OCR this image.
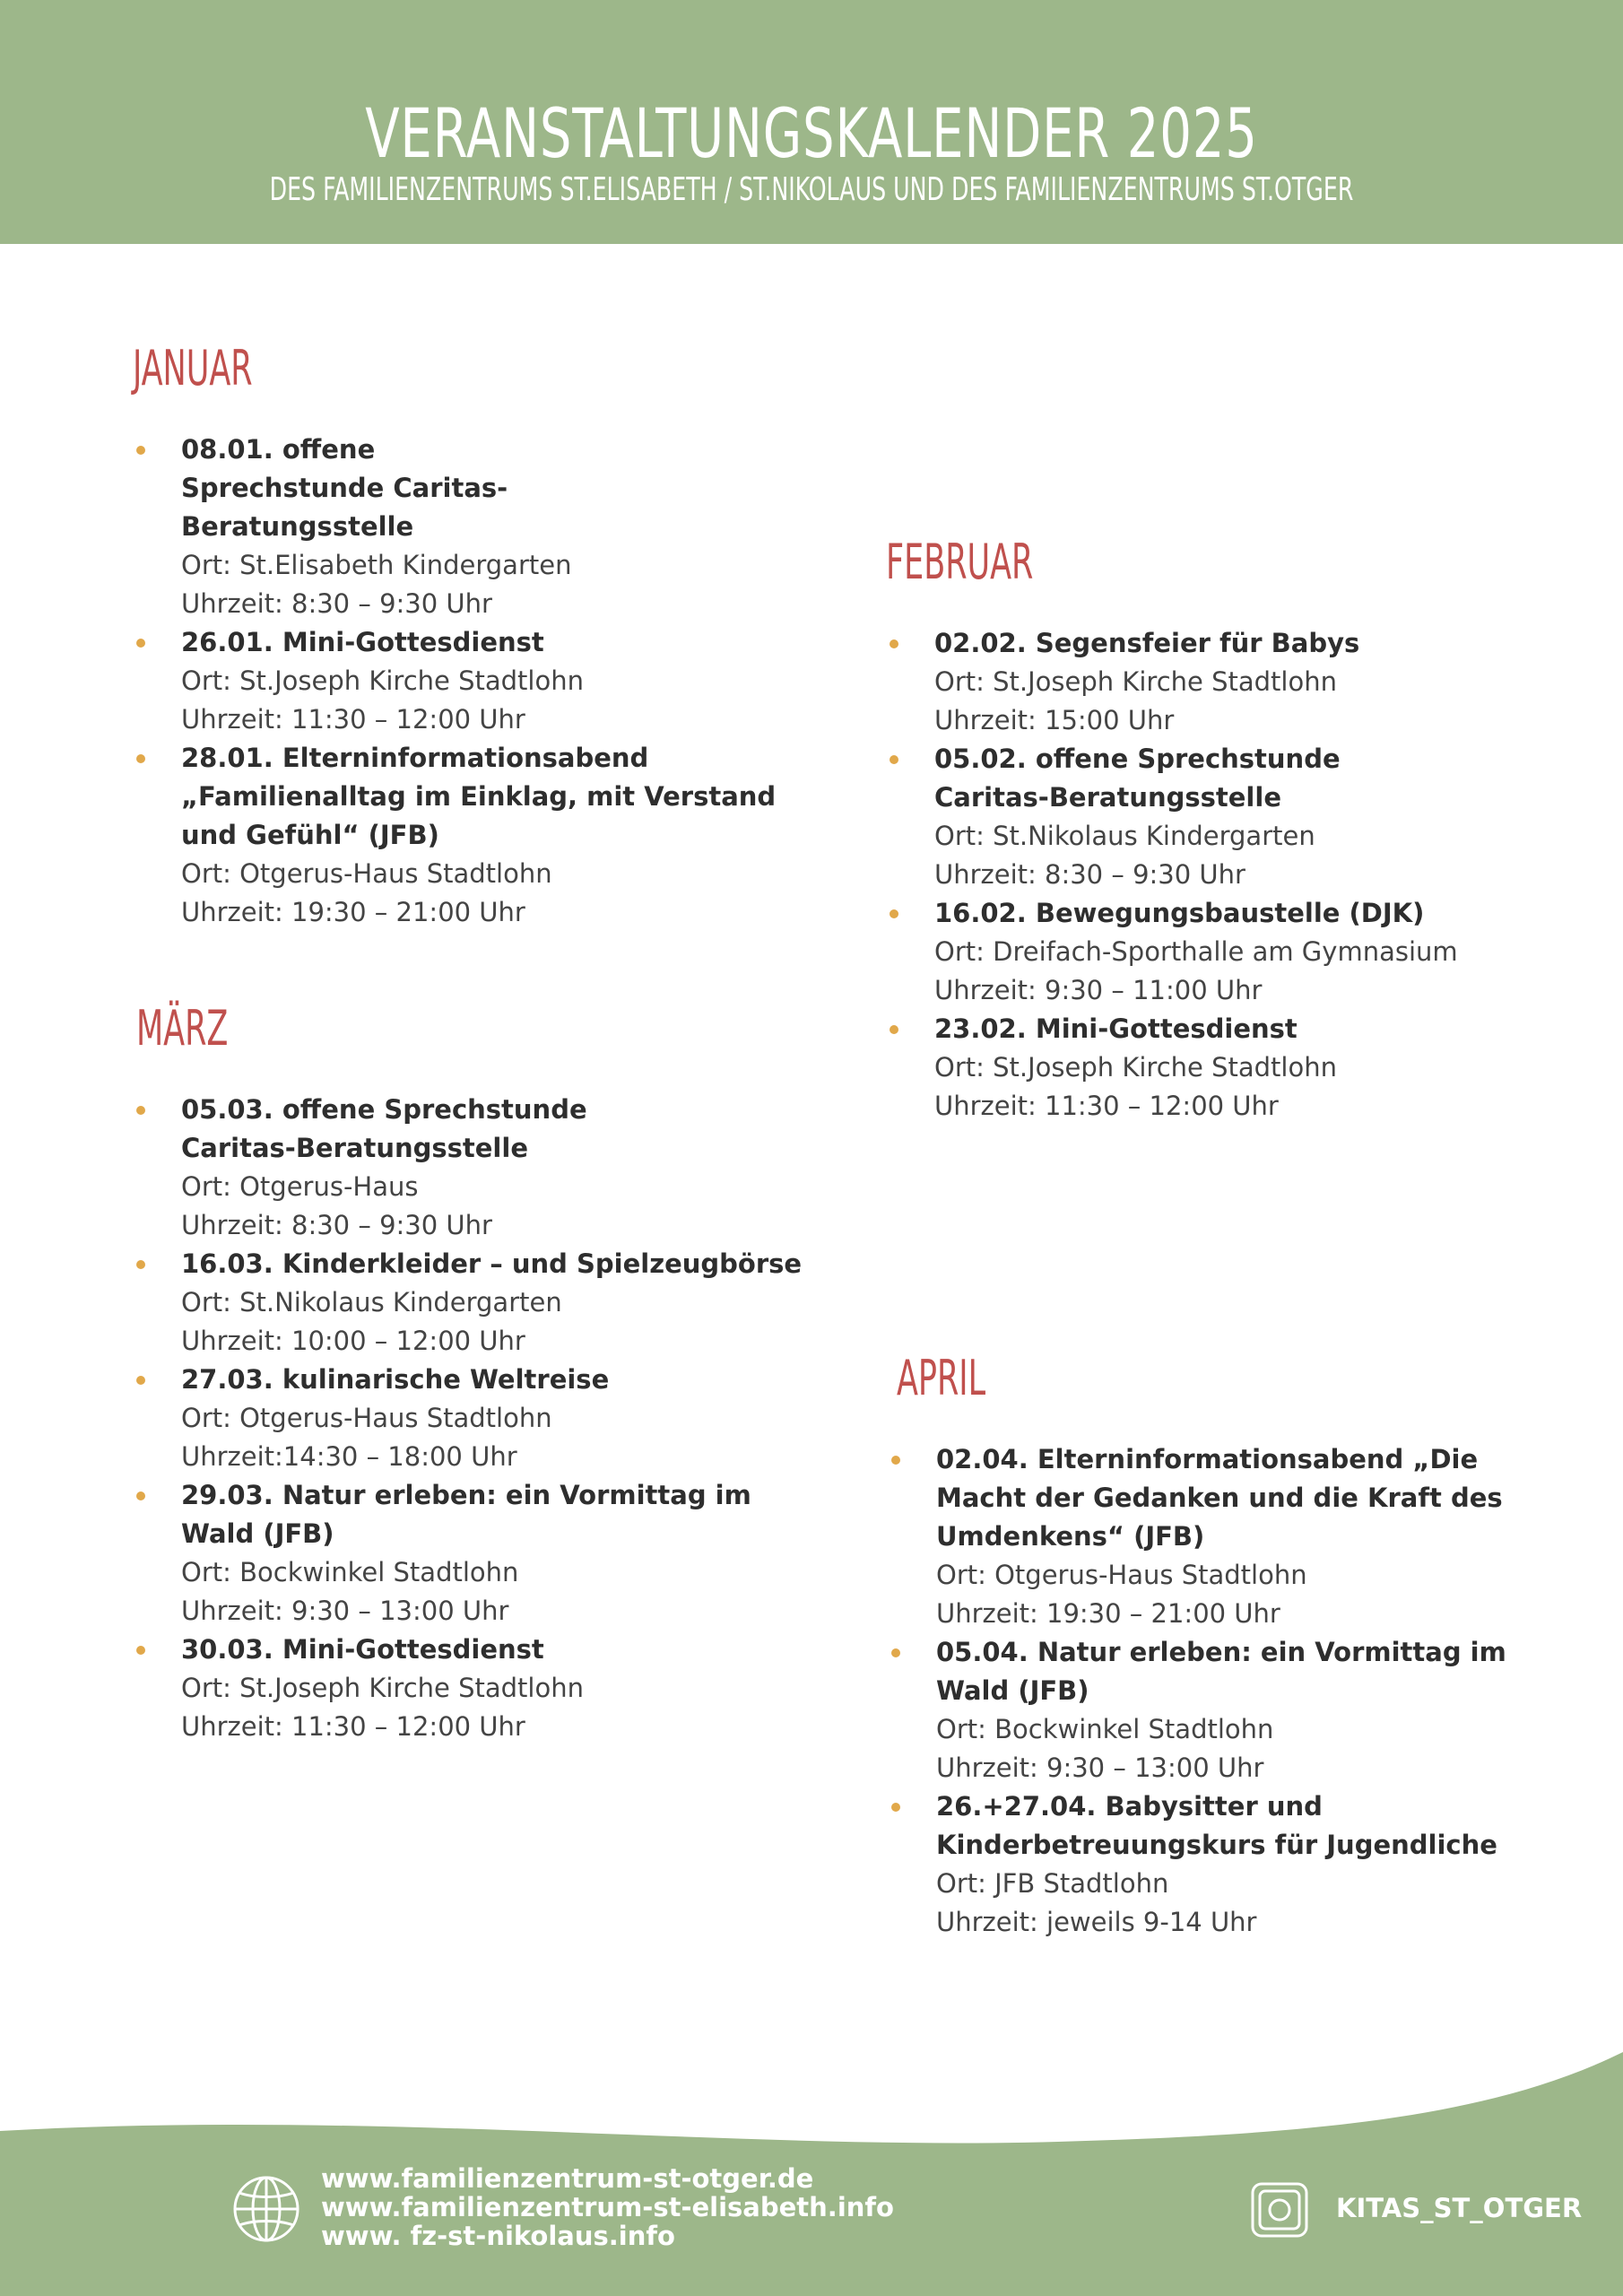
VERANSTALTUNGSKALENDER 2025
DES FAMILIENZENTRUMS ST.ELISABETH / ST.NIKOLAUS UND DES FAMILIENZENTRUMS ST.OTGER
JANUAR
08.01. offene Sprechstunde Caritas-Beratungsstelle
Ort: St.Elisabeth Kindergarten
Uhrzeit: 8:30 – 9:30 Uhr
26.01. Mini-Gottesdienst
Ort: St.Joseph Kirche Stadtlohn
Uhrzeit: 11:30 – 12:00 Uhr
28.01. Elterninformationsabend „Familienalltag im Einklag, mit Verstand und Gefühl“ (JFB)
Ort: Otgerus-Haus Stadtlohn
Uhrzeit: 19:30 – 21:00 Uhr
FEBRUAR
02.02. Segensfeier für Babys
Ort: St.Joseph Kirche Stadtlohn
Uhrzeit: 15:00 Uhr
05.02. offene Sprechstunde Caritas-Beratungsstelle
Ort: St.Nikolaus Kindergarten
Uhrzeit: 8:30 – 9:30 Uhr
16.02. Bewegungsbaustelle (DJK)
Ort: Dreifach-Sporthalle am Gymnasium
Uhrzeit: 9:30 – 11:00 Uhr
23.02. Mini-Gottesdienst
Ort: St.Joseph Kirche Stadtlohn
Uhrzeit: 11:30 – 12:00 Uhr
MÄRZ
05.03. offene Sprechstunde Caritas-Beratungsstelle
Ort: Otgerus-Haus
Uhrzeit: 8:30 – 9:30 Uhr
16.03. Kinderkleider – und Spielzeugbörse
Ort: St.Nikolaus Kindergarten
Uhrzeit: 10:00 – 12:00 Uhr
27.03. kulinarische Weltreise
Ort: Otgerus-Haus Stadtlohn
Uhrzeit:14:30 – 18:00 Uhr
29.03. Natur erleben: ein Vormittag im Wald (JFB)
Ort: Bockwinkel Stadtlohn
Uhrzeit: 9:30 – 13:00 Uhr
30.03. Mini-Gottesdienst
Ort: St.Joseph Kirche Stadtlohn
Uhrzeit: 11:30 – 12:00 Uhr
APRIL
02.04. Elterninformationsabend „Die Macht der Gedanken und die Kraft des Umdenkens“ (JFB)
Ort: Otgerus-Haus Stadtlohn
Uhrzeit: 19:30 – 21:00 Uhr
05.04. Natur erleben: ein Vormittag im Wald (JFB)
Ort: Bockwinkel Stadtlohn
Uhrzeit: 9:30 – 13:00 Uhr
26.+27.04. Babysitter und Kinderbetreuungskurs für Jugendliche
Ort: JFB Stadtlohn
Uhrzeit: jeweils 9-14 Uhr
www.familienzentrum-st-otger.de
www.familienzentrum-st-elisabeth.info
www. fz-st-nikolaus.info
KITAS_ST_OTGER
